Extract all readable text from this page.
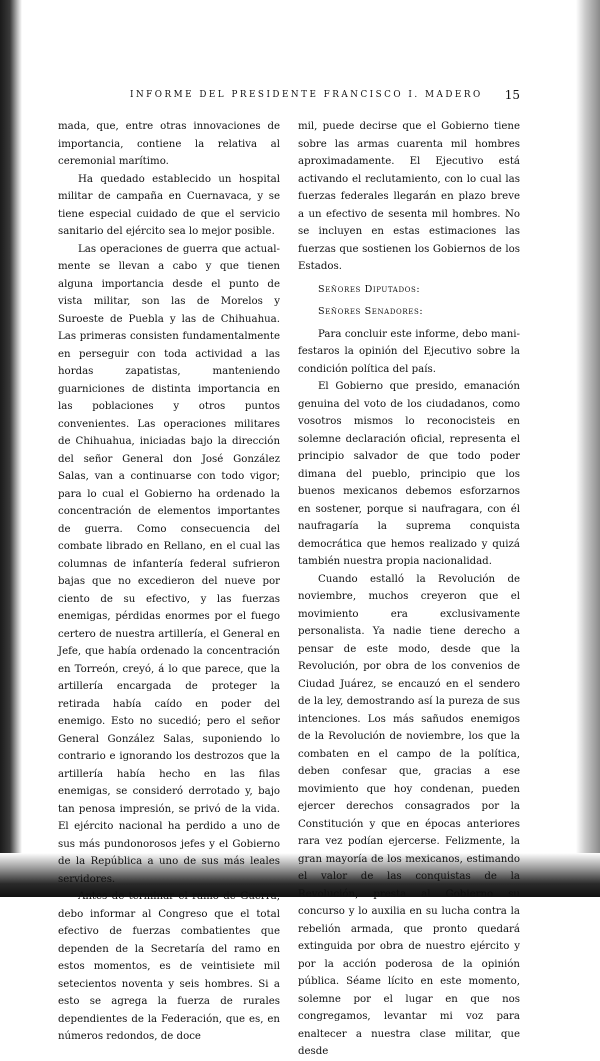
INFORME DEL PRESIDENTE FRANCISCO I. MADERO 15

mada, que, entre otras innovaciones de importancia, contiene la relativa al ceremonial marítimo.

Ha quedado establecido un hospital militar de campaña en Cuernavaca, y se tiene especial cuidado de que el servicio sanitario del ejército sea lo mejor posible.

Las operaciones de guerra que actualmente se llevan a cabo y que tienen alguna importancia desde el punto de vista militar, son las de Morelos y Suroeste de Puebla y las de Chihuahua. Las primeras consisten fundamentalmente en perseguir con toda actividad a las hordas zapatistas, manteniendo guarniciones de distinta importancia en las poblaciones y otros puntos convenientes. Las operaciones militares de Chihuahua, iniciadas bajo la dirección del señor General don José González Salas, van a continuarse con todo vigor; para lo cual el Gobierno ha ordenado la concentración de elementos importantes de guerra. Como consecuencia del combate librado en Rellano, en el cual las columnas de infantería federal sufrieron bajas que no excedieron del nueve por ciento de su efectivo, y las fuerzas enemigas, pérdidas enormes por el fuego certero de nuestra artillería, el General en Jefe, que había ordenado la concentración en Torreón, creyó, á lo que parece, que la artillería encargada de proteger la retirada había caído en poder del enemigo. Esto no sucedió; pero el señor General González Salas, suponiendo lo contrario e ignorando los destrozos que la artillería había hecho en las filas enemigas, se consideró derrotado y, bajo tan penosa impresión, se privó de la vida. El ejército nacional ha perdido a uno de sus más pundonorosos jefes y el Gobierno de la República a uno de sus más leales servidores.

Antes de terminar el ramo de Guerra, debo informar al Congreso que el total efectivo de fuerzas combatientes que dependen de la Secretaría del ramo en estos momentos, es de veintisiete mil setecientos noventa y seis hombres. Si a esto se agrega la fuerza de rurales dependientes de la Federación, que es, en números redondos, de doce

mil, puede decirse que el Gobierno tiene sobre las armas cuarenta mil hombres aproximadamente. El Ejecutivo está activando el reclutamiento, con lo cual las fuerzas federales llegarán en plazo breve a un efectivo de sesenta mil hombres. No se incluyen en estas estimaciones las fuerzas que sostienen los Gobiernos de los Estados.

Señores Diputados:

Señores Senadores:

Para concluir este informe, debo manifestaros la opinión del Ejecutivo sobre la condición política del país.

El Gobierno que presido, emanación genuina del voto de los ciudadanos, como vosotros mismos lo reconocisteis en solemne declaración oficial, representa el principio salvador de que todo poder dimana del pueblo, principio que los buenos mexicanos debemos esforzarnos en sostener, porque si naufragara, con él naufragaría la suprema conquista democrática que hemos realizado y quizá también nuestra propia nacionalidad.

Cuando estalló la Revolución de noviembre, muchos creyeron que el movimiento era exclusivamente personalista. Ya nadie tiene derecho a pensar de este modo, desde que la Revolución, por obra de los convenios de Ciudad Juárez, se encauzó en el sendero de la ley, demostrando así la pureza de sus intenciones. Los más sañudos enemigos de la Revolución de noviembre, los que la combaten en el campo de la política, deben confesar que, gracias a ese movimiento que hoy condenan, pueden ejercer derechos consagrados por la Constitución y que en épocas anteriores rara vez podían ejercerse. Felizmente, la gran mayoría de los mexicanos, estimando el valor de las conquistas de la Revolución, presta al Gobierno su concurso y lo auxilia en su lucha contra la rebelión armada, que pronto quedará extinguida por obra de nuestro ejército y por la acción poderosa de la opinión pública. Séame lícito en este momento, solemne por el lugar en que nos congregamos, levantar mi voz para enaltecer a nuestra clase militar, que desde
